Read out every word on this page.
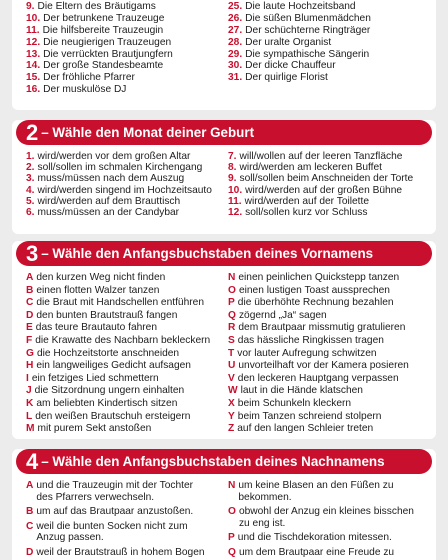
9. Die Eltern des Bräutigams
10. Der betrunkene Trauzeuge
11. Die hilfsbereite Trauzeugin
12. Die neugierigen Trauzeugen
13. Die verrückten Brautjungfern
14. Der große Standesbeamte
15. Der fröhliche Pfarrer
16. Der muskulöse DJ
25. Die laute Hochzeitsband
26. Die süßen Blumenmädchen
27. Der schüchterne Ringträger
28. Der uralte Organist
29. Die sympathische Sängerin
30. Der dicke Chauffeur
31. Der quirlige Florist
2 – Wähle den Monat deiner Geburt
1. wird/werden vor dem großen Altar
2. soll/sollen im schmalen Kirchengang
3. muss/müssen nach dem Auszug
4. wird/werden singend im Hochzeitsauto
5. wird/werden auf dem Brauttisch
6. muss/müssen an der Candybar
7. will/wollen auf der leeren Tanzfläche
8. wird/werden am leckeren Buffet
9. soll/sollen beim Anschneiden der Torte
10. wird/werden auf der großen Bühne
11. wird/werden auf der Toilette
12. soll/sollen kurz vor Schluss
3 – Wähle den Anfangsbuchstaben deines Vornamens
A den kurzen Weg nicht finden
B einen flotten Walzer tanzen
C die Braut mit Handschellen entführen
D den bunten Brautstrauß fangen
E das teure Brautauto fahren
F die Krawatte des Nachbarn bekleckern
G die Hochzeitstorte anschneiden
H ein langweiliges Gedicht aufsagen
I ein fetziges Lied schmettern
J die Sitzordnung ungern einhalten
K am beliebten Kindertisch sitzen
L den weißen Brautschuh ersteigern
M mit purem Sekt anstoßen
N einen peinlichen Quickstepp tanzen
O einen lustigen Toast aussprechen
P die überhöhte Rechnung bezahlen
Q zögernd „Ja“ sagen
R dem Brautpaar missmutig gratulieren
S das hässliche Ringkissen tragen
T vor lauter Aufregung schwitzen
U unvorteilhaft vor der Kamera posieren
V den leckeren Hauptgang verpassen
W laut in die Hände klatschen
X beim Schunkeln kleckern
Y beim Tanzen schreiend stolpern
Z auf den langen Schleier treten
4 – Wähle den Anfangsbuchstaben deines Nachnamens
A und die Trauzeugin mit der Tochter des Pfarrers verwechseln.
B um auf das Brautpaar anzustoßen.
C weil die bunten Socken nicht zum Anzug passen.
D weil der Brautstrauß in hohem Bogen
N um keine Blasen an den Füßen zu bekommen.
O obwohl der Anzug ein kleines bisschen zu eng ist.
P und die Tischdekoration mitessen.
Q um dem Brautpaar eine Freude zu
